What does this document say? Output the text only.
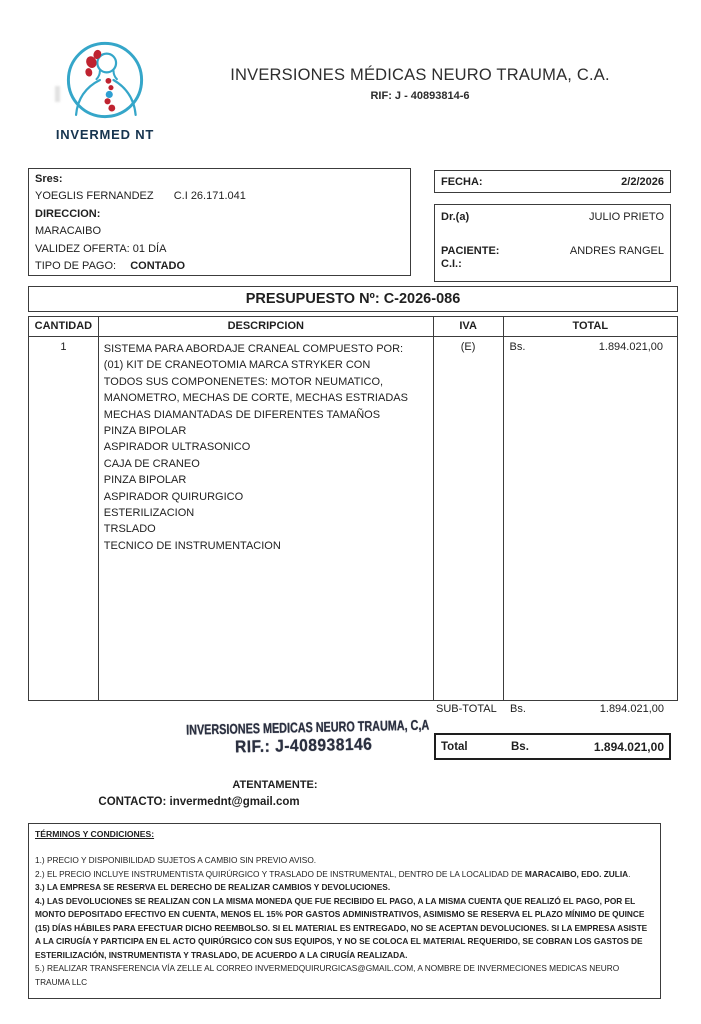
INVERMED NT
INVERSIONES MÉDICAS NEURO TRAUMA, C.A.
RIF: J - 40893814-6
Sres:
YOEGLIS FERNANDEZ C.I 26.171.041
DIRECCION:
MARACAIBO
VALIDEZ OFERTA: 01 DÍA
TIPO DE PAGO: CONTADO
FECHA:	2/2/2026
Dr.(a)	JULIO PRIETO
PACIENTE:	ANDRES RANGEL
C.I.:
PRESUPUESTO Nº: C-2026-086
CANTIDAD	DESCRIPCION	IVA	TOTAL
1	SISTEMA PARA ABORDAJE CRANEAL COMPUESTO POR:
(01) KIT DE CRANEOTOMIA MARCA STRYKER CON
TODOS SUS COMPONENETES: MOTOR NEUMATICO,
MANOMETRO, MECHAS DE CORTE, MECHAS ESTRIADAS
MECHAS DIAMANTADAS DE DIFERENTES TAMAÑOS
PINZA BIPOLAR
ASPIRADOR ULTRASONICO
CAJA DE CRANEO
PINZA BIPOLAR
ASPIRADOR QUIRURGICO
ESTERILIZACION
TRSLADO
TECNICO DE INSTRUMENTACION
(E)	Bs.	1.894.021,00
SUB-TOTAL	Bs.	1.894.021,00
INVERSIONES MEDICAS NEURO TRAUMA, C,A
RIF.: J-408938146	Total	Bs.	1.894.021,00
ATENTAMENTE:
CONTACTO: invermednt@gmail.com
TÉRMINOS Y CONDICIONES:

1.) PRECIO Y DISPONIBILIDAD SUJETOS A CAMBIO SIN PREVIO AVISO.

2.) EL PRECIO INCLUYE INSTRUMENTISTA QUIRÚRGICO Y TRASLADO DE INSTRUMENTAL, DENTRO DE LA LOCALIDAD DE MARACAIBO, EDO. ZULIA.

3.) LA EMPRESA SE RESERVA EL DERECHO DE REALIZAR CAMBIOS Y DEVOLUCIONES.

4.) LAS DEVOLUCIONES SE REALIZAN CON LA MISMA MONEDA QUE FUE RECIBIDO EL PAGO, A LA MISMA CUENTA QUE REALIZÓ EL PAGO, POR EL MONTO DEPOSITADO EFECTIVO EN CUENTA, MENOS EL 15% POR GASTOS ADMINISTRATIVOS, ASIMISMO SE RESERVA EL PLAZO MÍNIMO DE QUINCE (15) DÍAS HÁBILES PARA EFECTUAR DICHO REEMBOLSO. SI EL MATERIAL ES ENTREGADO, NO SE ACEPTAN DEVOLUCIONES. SI LA EMPRESA ASISTE A LA CIRUGÍA Y PARTICIPA EN EL ACTO QUIRÚRGICO CON SUS EQUIPOS, Y NO SE COLOCA EL MATERIAL REQUERIDO, SE COBRAN LOS GASTOS DE ESTERILIZACIÓN, INSTRUMENTISTA Y TRASLADO, DE ACUERDO A LA CIRUGÍA REALIZADA.

5.) REALIZAR TRANSFERENCIA VÍA ZELLE AL CORREO INVERMEDQUIRURGICAS@GMAIL.COM, A NOMBRE DE INVERMECIONES MEDICAS NEURO TRAUMA LLC
